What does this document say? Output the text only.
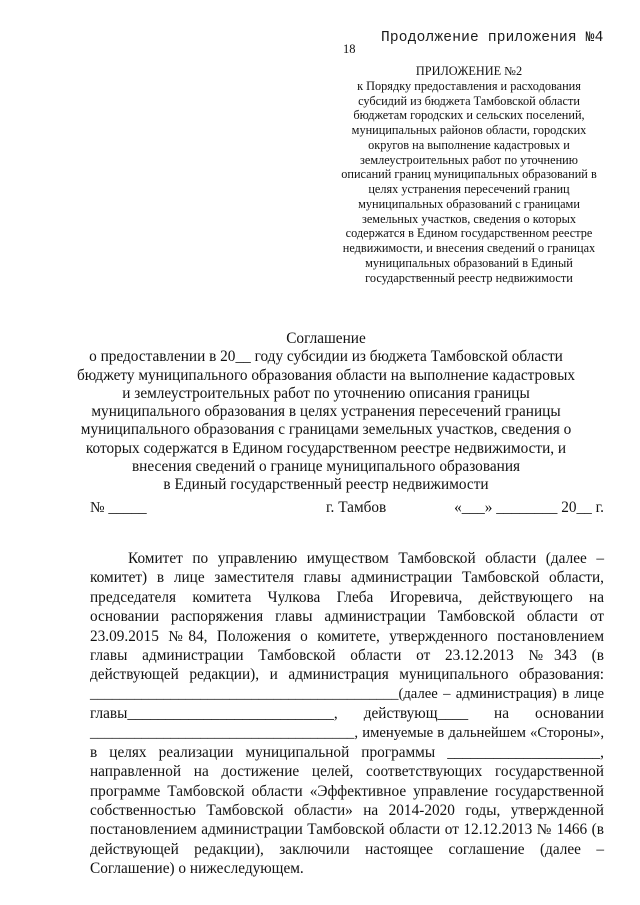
Продолжение приложения №4
18
ПРИЛОЖЕНИЕ №2
к Порядку предоставления и расходования
субсидий из бюджета Тамбовской области
бюджетам городских и сельских поселений,
муниципальных районов области, городских
округов на выполнение кадастровых и
землеустроительных работ по уточнению
описаний границ муниципальных образований в
целях устранения пересечений границ
муниципальных образований с границами
земельных участков, сведения о которых
содержатся в Едином государственном реестре
недвижимости, и внесения сведений о границах
муниципальных образований в Единый
государственный реестр недвижимости
Соглашение
о предоставлении в 20__ году субсидии из бюджета Тамбовской области
бюджету муниципального образования области на выполнение кадастровых
и землеустроительных работ по уточнению описания границы
муниципального образования в целях устранения пересечений границы
муниципального образования с границами земельных участков, сведения о
которых содержатся в Едином государственном реестре недвижимости, и
внесения сведений о границе муниципального образования
в Единый государственный реестр недвижимости
№ _____	г. Тамбов	«___» ________ 20__ г.
Комитет по управлению имуществом Тамбовской области (далее –
комитет) в лице заместителя главы администрации Тамбовской области,
председателя комитета Чулкова Глеба Игоревича, действующего на
основании распоряжения главы администрации Тамбовской области от
23.09.2015 №84, Положения о комитете, утвержденного постановлением
главы администрации Тамбовской области от 23.12.2013 №343 (в
действующей редакции), и администрация муниципального образования:
__________________________________________(далее – администрация) в лице
главы___________________________, действующ____ на основании
____________________________________, именуемые в дальнейшем «Стороны»,
в целях реализации муниципальной программы ____________________,
направленной на достижение целей, соответствующих государственной
программе Тамбовской области «Эффективное управление государственной
собственностью Тамбовской области» на 2014-2020 годы, утвержденной
постановлением администрации Тамбовской области от 12.12.2013 № 1466 (в
действующей редакции), заключили настоящее соглашение (далее –
Соглашение) о нижеследующем.
